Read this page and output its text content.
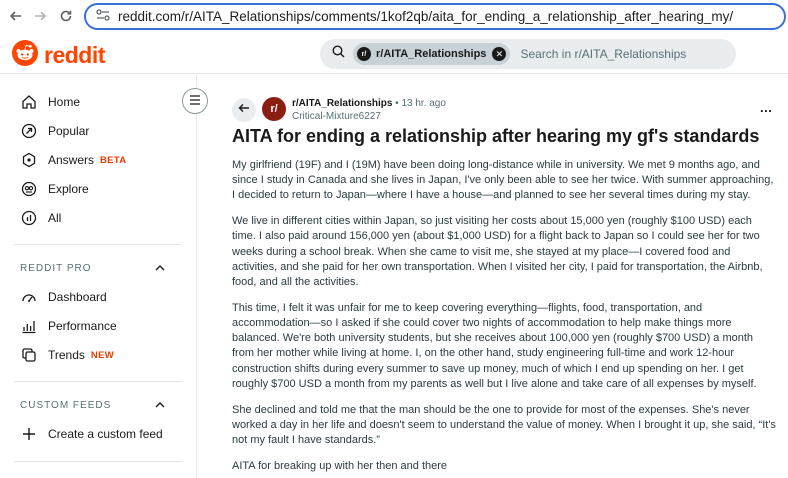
reddit.com/r/AITA_Relationships/comments/1kof2qb/aita_for_ending_a_relationship_after_hearing_my/
reddit	r/ r/AITA_Relationships	✕ Search in r/AITA_Relationships
Home
Popular
Answers BETA
Explore
All
REDDIT PRO
Dashboard
Performance
Trends NEW
CUSTOM FEEDS
Create a custom feed
r/	r/AITA_Relationships • 13 hr. ago
Critical-Mixture6227
...
AITA for ending a relationship after hearing my gf's standards

My girlfriend (19F) and I (19M) have been doing long-distance while in university. We met 9 months ago, and since I study in Canada and she lives in Japan, I've only been able to see her twice. With summer approaching, I decided to return to Japan—where I have a house—and planned to see her several times during my stay.

We live in different cities within Japan, so just visiting her costs about 15,000 yen (roughly $100 USD) each time. I also paid around 156,000 yen (about $1,000 USD) for a flight back to Japan so I could see her for two weeks during a school break. When she came to visit me, she stayed at my place—I covered food and activities, and she paid for her own transportation. When I visited her city, I paid for transportation, the Airbnb, food, and all the activities.

This time, I felt it was unfair for me to keep covering everything—flights, food, transportation, and accommodation—so I asked if she could cover two nights of accommodation to help make things more balanced. We're both university students, but she receives about 100,000 yen (roughly $700 USD) a month from her mother while living at home. I, on the other hand, study engineering full-time and work 12-hour construction shifts during every summer to save up money, much of which I end up spending on her. I get roughly $700 USD a month from my parents as well but I live alone and take care of all expenses by myself.

She declined and told me that the man should be the one to provide for most of the expenses. She's never worked a day in her life and doesn't seem to understand the value of money. When I brought it up, she said, “It's not my fault I have standards.”

AITA for breaking up with her then and there
